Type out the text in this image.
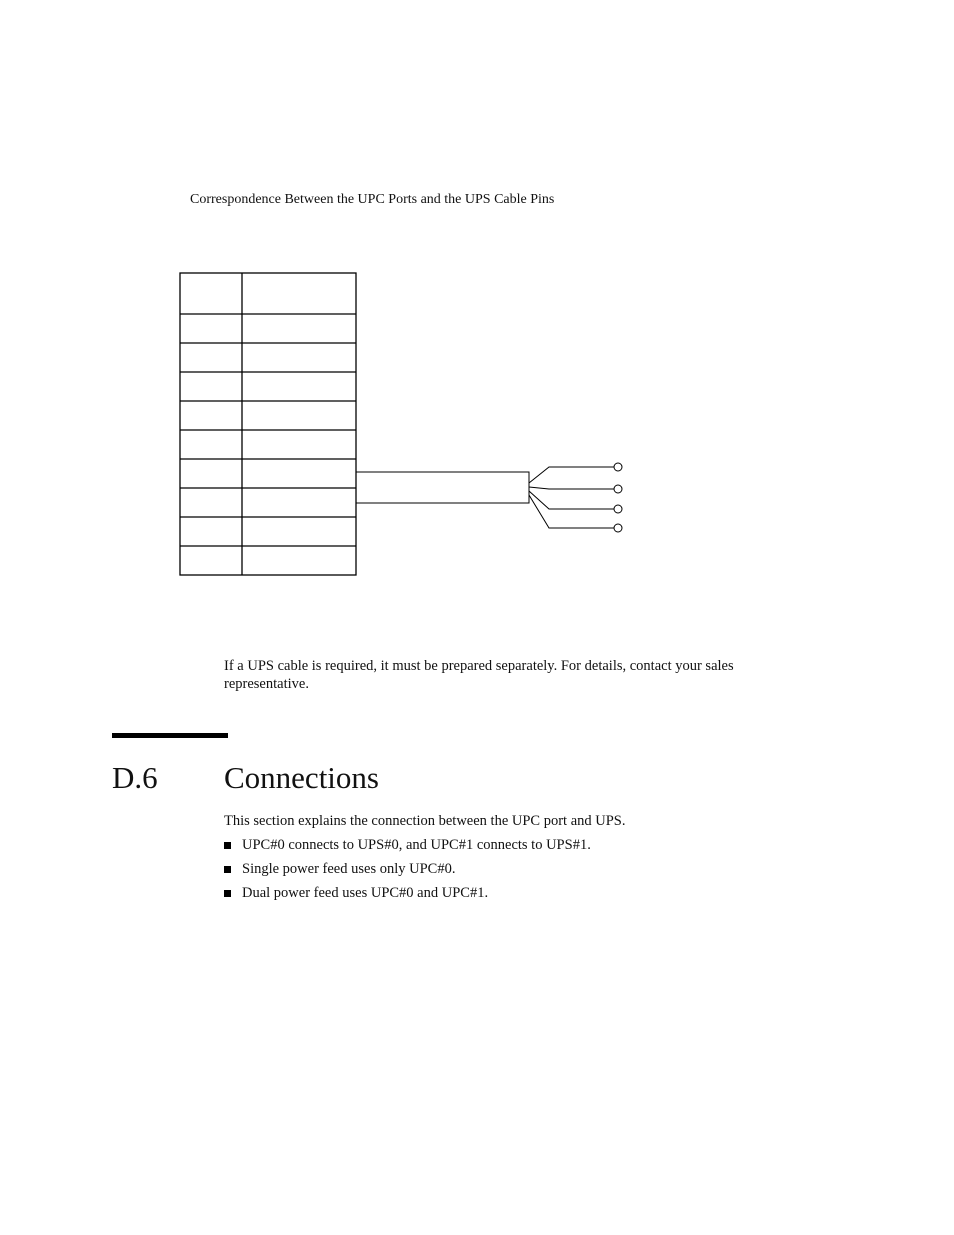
Correspondence Between the UPC Ports and the UPS Cable Pins
If a UPS cable is required, it must be prepared separately. For details, contact your sales representative.
D.6 Connections
This section explains the connection between the UPC port and UPS.
UPC#0 connects to UPS#0, and UPC#1 connects to UPS#1.
Single power feed uses only UPC#0.
Dual power feed uses UPC#0 and UPC#1.
